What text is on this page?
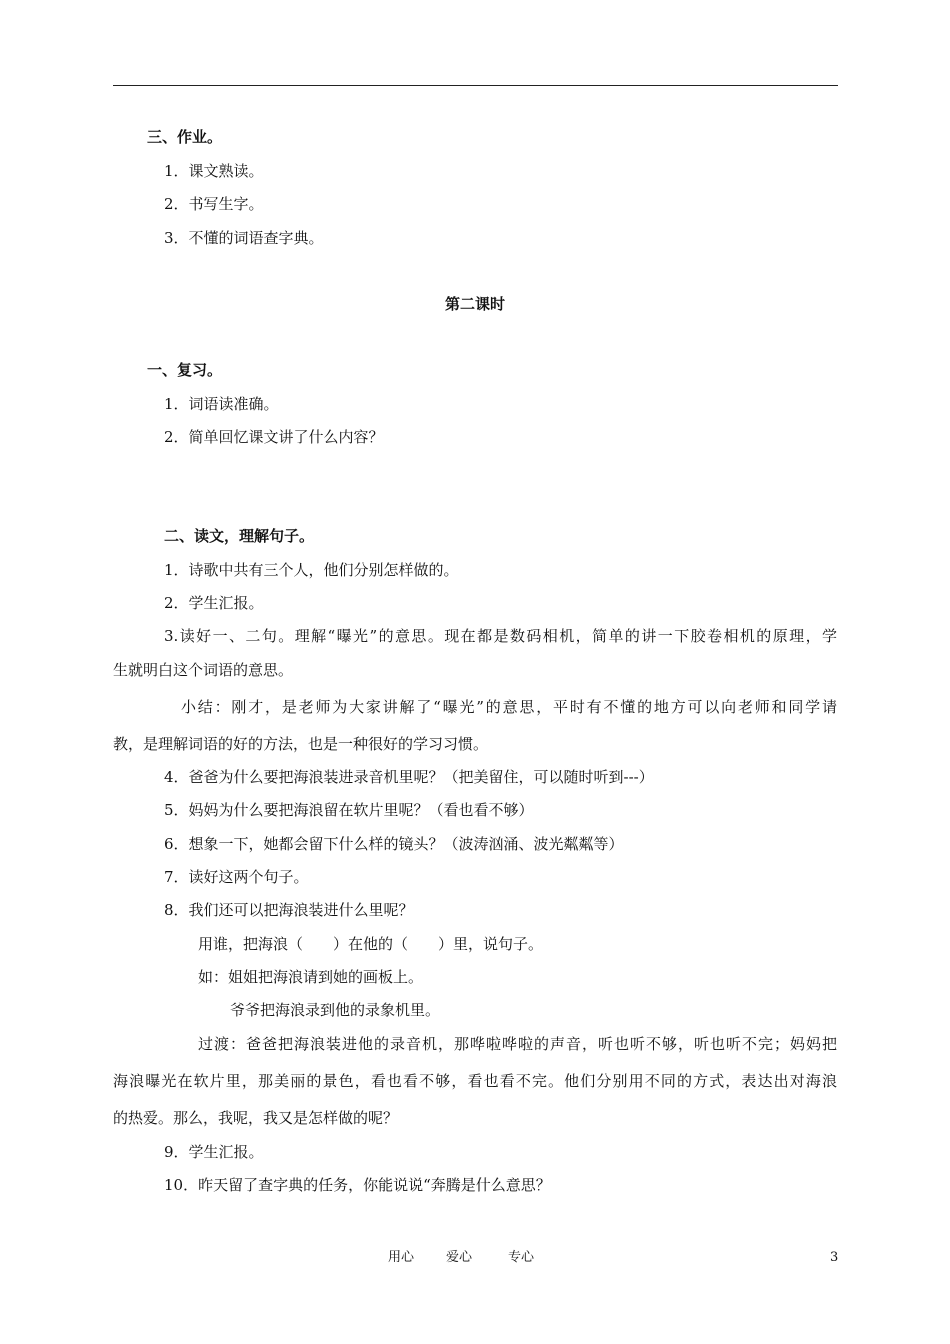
三、作业。
1．课文熟读。
2．书写生字。
3．不懂的词语查字典。
第二课时
一、复习。
1．词语读准确。
2．简单回忆课文讲了什么内容？
二、读文，理解句子。
1．诗歌中共有三个人，他们分别怎样做的。
2．学生汇报。
3.读好一、二句。理解“曝光”的意思。现在都是数码相机，简单的讲一下胶卷相机的原理，学
生就明白这个词语的意思。
小结：刚才，是老师为大家讲解了“曝光”的意思，平时有不懂的地方可以向老师和同学请
教，是理解词语的好的方法，也是一种很好的学习习惯。
4．爸爸为什么要把海浪装进录音机里呢？（把美留住，可以随时听到---）
5．妈妈为什么要把海浪留在软片里呢？（看也看不够）
6．想象一下，她都会留下什么样的镜头？（波涛汹涌、波光粼粼等）
7．读好这两个句子。
8．我们还可以把海浪装进什么里呢？
用谁，把海浪（　　）在他的（　　）里，说句子。
如：姐姐把海浪请到她的画板上。
爷爷把海浪录到他的录象机里。
过渡：爸爸把海浪装进他的录音机，那哗啦哗啦的声音，听也听不够，听也听不完；妈妈把
海浪曝光在软片里，那美丽的景色，看也看不够，看也看不完。他们分别用不同的方式，表达出对海浪
的热爱。那么，我呢，我又是怎样做的呢？
9．学生汇报。
10．昨天留了查字典的任务，你能说说“奔腾是什么意思？
用心 爱心	专心	3
